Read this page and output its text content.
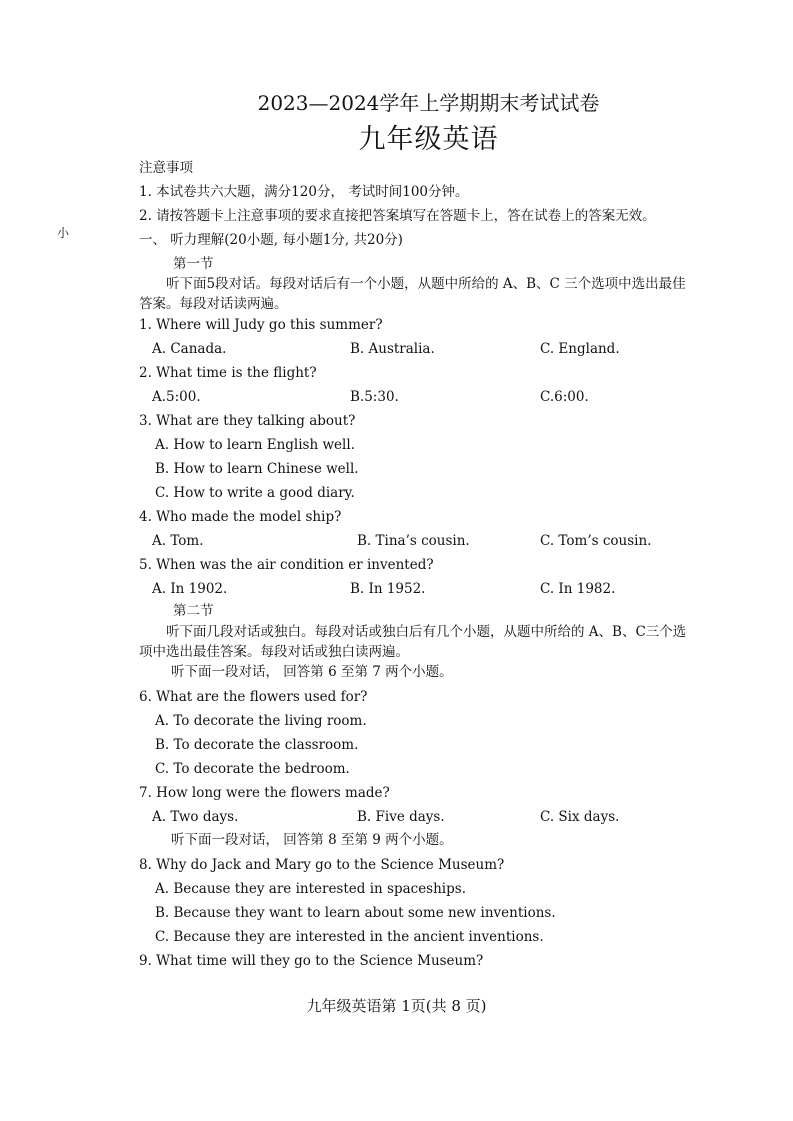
小
2023—2024学年上学期期末考试试卷
九年级英语
注意事项
1. 本试卷共六大题，满分120分， 考试时间100分钟。
2. 请按答题卡上注意事项的要求直接把答案填写在答题卡上，答在试卷上的答案无效。
一、 听力理解(20小题, 每小题1分, 共20分)
第一节
听下面5段对话。每段对话后有一个小题，从题中所给的 A、B、C 三个选项中选出最佳
答案。每段对话读两遍。
1. Where will Judy go this summer?
A. Canada.	B. Australia.	C. England.
2. What time is the flight?
A.5:00.	B.5:30.	C.6:00.
3. What are they talking about?
A. How to learn English well.
B. How to learn Chinese well.
C. How to write a good diary.
4. Who made the model ship?
A. Tom.	B. Tina’s cousin.	C. Tom’s cousin.
5. When was the air condition er invented?
A. In 1902.	B. In 1952.	C. In 1982.
第二节
听下面几段对话或独白。每段对话或独白后有几个小题，从题中所给的 A、B、C三个选
项中选出最佳答案。每段对话或独白读两遍。
听下面一段对话， 回答第 6 至第 7 两个小题。
6. What are the flowers used for?
A. To decorate the living room.
B. To decorate the classroom.
C. To decorate the bedroom.
7. How long were the flowers made?
A. Two days.	B. Five days.	C. Six days.
听下面一段对话， 回答第 8 至第 9 两个小题。
8. Why do Jack and Mary go to the Science Museum?
A. Because they are interested in spaceships.
B. Because they want to learn about some new inventions.
C. Because they are interested in the ancient inventions.
9. What time will they go to the Science Museum?
九年级英语第 1页(共 8 页)
